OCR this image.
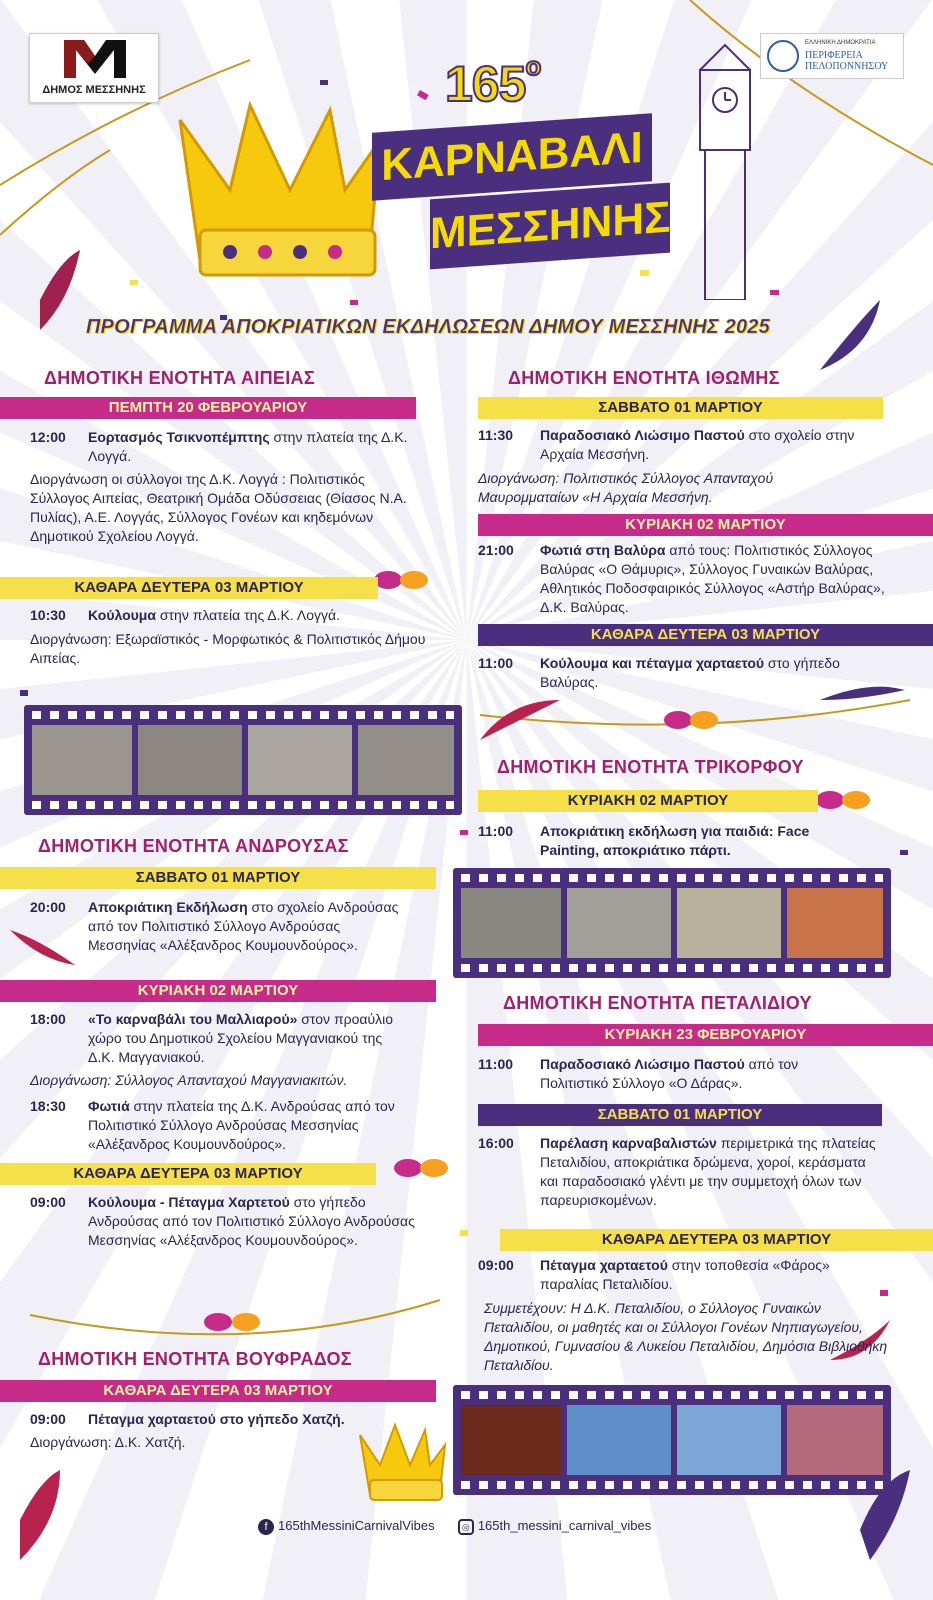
ΔΗΜΟΣ ΜΕΣΣΗΝΗΣ
ΕΛΛΗΝΙΚΗ ΔΗΜΟΚΡΑΤΙΑ
ΠΕΡΙΦΕΡΕΙΑ
ΠΕΛΟΠΟΝΝΗΣΟΥ
$165^o$
ΚΑΡΝΑΒΑΛΙ
ΜΕΣΣΗΝΗΣ
ΠΡΟΓΡΑΜΜΑ ΑΠΟΚΡΙΑΤΙΚΩΝ ΕΚΔΗΛΩΣΕΩΝ ΔΗΜΟΥ ΜΕΣΣΗΝΗΣ 2025
ΔΗΜΟΤΙΚΗ ΕΝΟΤΗΤΑ ΑΙΠΕΙΑΣ
ΠΕΜΠΤΗ 20 ΦΕΒΡΟΥΑΡΙΟΥ
12:00 Εορτασμός Τσικνοπέμπτης στην πλατεία της Δ.Κ. Λογγά.
Διοργάνωση οι σύλλογοι της Δ.Κ. Λογγά : Πολιτιστικός Σύλλογος Αιπείας, Θεατρική Ομάδα Οδύσσειας (Θίασος Ν.Α. Πυλίας), Α.Ε. Λογγάς, Σύλλογος Γονέων και κηδεμόνων Δημοτικού Σχολείου Λογγά.
ΚΑΘΑΡΑ ΔΕΥΤΕΡΑ 03 ΜΑΡΤΙΟΥ
10:30 Κούλουμα στην πλατεία της Δ.Κ. Λογγά.
Διοργάνωση: Εξωραϊστικός - Μορφωτικός & Πολιτιστικός Δήμου Αιπείας.
ΔΗΜΟΤΙΚΗ ΕΝΟΤΗΤΑ ΑΝΔΡΟΥΣΑΣ
ΣΑΒΒΑΤΟ 01 ΜΑΡΤΙΟΥ
20:00 Αποκριάτικη Εκδήλωση στο σχολείο Ανδρούσας από τον Πολιτιστικό Σύλλογο Ανδρούσας Μεσσηνίας «Αλέξανδρος Κουμουνδούρος».
ΚΥΡΙΑΚΗ 02 ΜΑΡΤΙΟΥ
18:00 «Το καρναβάλι του Μαλλιαρού» στον προαύλιο χώρο του Δημοτικού Σχολείου Μαγγανιακού της Δ.Κ. Μαγγανιακού.
Διοργάνωση: Σύλλογος Απανταχού Μαγγανιακιτών.
18:30 Φωτιά στην πλατεία της Δ.Κ. Ανδρούσας από τον Πολιτιστικό Σύλλογο Ανδρούσας Μεσσηνίας «Αλέξανδρος Κουμουνδούρος».
ΚΑΘΑΡΑ ΔΕΥΤΕΡΑ 03 ΜΑΡΤΙΟΥ
09:00 Κούλουμα - Πέταγμα Χαρτετού στο γήπεδο Ανδρούσας από τον Πολιτιστικό Σύλλογο Ανδρούσας Μεσσηνίας «Αλέξανδρος Κουμουνδούρος».
ΔΗΜΟΤΙΚΗ ΕΝΟΤΗΤΑ ΒΟΥΦΡΑΔΟΣ
ΚΑΘΑΡΑ ΔΕΥΤΕΡΑ 03 ΜΑΡΤΙΟΥ
09:00 Πέταγμα χαρταετού στο γήπεδο Χατζή.
Διοργάνωση: Δ.Κ. Χατζή.
ΔΗΜΟΤΙΚΗ ΕΝΟΤΗΤΑ ΙΘΩΜΗΣ
ΣΑΒΒΑΤΟ 01 ΜΑΡΤΙΟΥ
11:30 Παραδοσιακό Λιώσιμο Παστού στο σχολείο στην Αρχαία Μεσσήνη.
Διοργάνωση: Πολιτιστικός Σύλλογος Απανταχού Μαυρομματαίων «Η Αρχαία Μεσσήνη.
ΚΥΡΙΑΚΗ 02 ΜΑΡΤΙΟΥ
21:00 Φωτιά στη Βαλύρα από τους: Πολιτιστικός Σύλλογος Βαλύρας «Ο Θάμυρις», Σύλλογος Γυναικών Βαλύρας, Αθλητικός Ποδοσφαιρικός Σύλλογος «Αστήρ Βαλύρας», Δ.Κ. Βαλύρας.
ΚΑΘΑΡΑ ΔΕΥΤΕΡΑ 03 ΜΑΡΤΙΟΥ
11:00 Κούλουμα και πέταγμα χαρταετού στο γήπεδο Βαλύρας.
ΔΗΜΟΤΙΚΗ ΕΝΟΤΗΤΑ ΤΡΙΚΟΡΦΟΥ
ΚΥΡΙΑΚΗ 02 ΜΑΡΤΙΟΥ
11:00 Αποκριάτικη εκδήλωση για παιδιά: Face Painting, αποκριάτικο πάρτι.
ΔΗΜΟΤΙΚΗ ΕΝΟΤΗΤΑ ΠΕΤΑΛΙΔΙΟΥ
ΚΥΡΙΑΚΗ 23 ΦΕΒΡΟΥΑΡΙΟΥ
11:00 Παραδοσιακό Λιώσιμο Παστού από τον Πολιτιστικό Σύλλογο «Ο Δάρας».
ΣΑΒΒΑΤΟ 01 ΜΑΡΤΙΟΥ
16:00 Παρέλαση καρναβαλιστών περιμετρικά της πλατείας Πεταλιδίου, αποκριάτικα δρώμενα, χοροί, κεράσματα και παραδοσιακό γλέντι με την συμμετοχή όλων των παρευρισκομένων.
ΚΑΘΑΡΑ ΔΕΥΤΕΡΑ 03 ΜΑΡΤΙΟΥ
09:00 Πέταγμα χαρταετού στην τοποθεσία «Φάρος» παραλίας Πεταλιδίου.
Συμμετέχουν: Η Δ.Κ. Πεταλιδίου, ο Σύλλογος Γυναικών Πεταλιδίου, οι μαθητές και οι Σύλλογοι Γονέων Νηπιαγωγείου, Δημοτικού, Γυμνασίου & Λυκείου Πεταλιδίου, Δημόσια Βιβλιοθήκη Πεταλιδίου.
f 165thMessiniCarnivalVibes	◎ 165th_messini_carnival_vibes
